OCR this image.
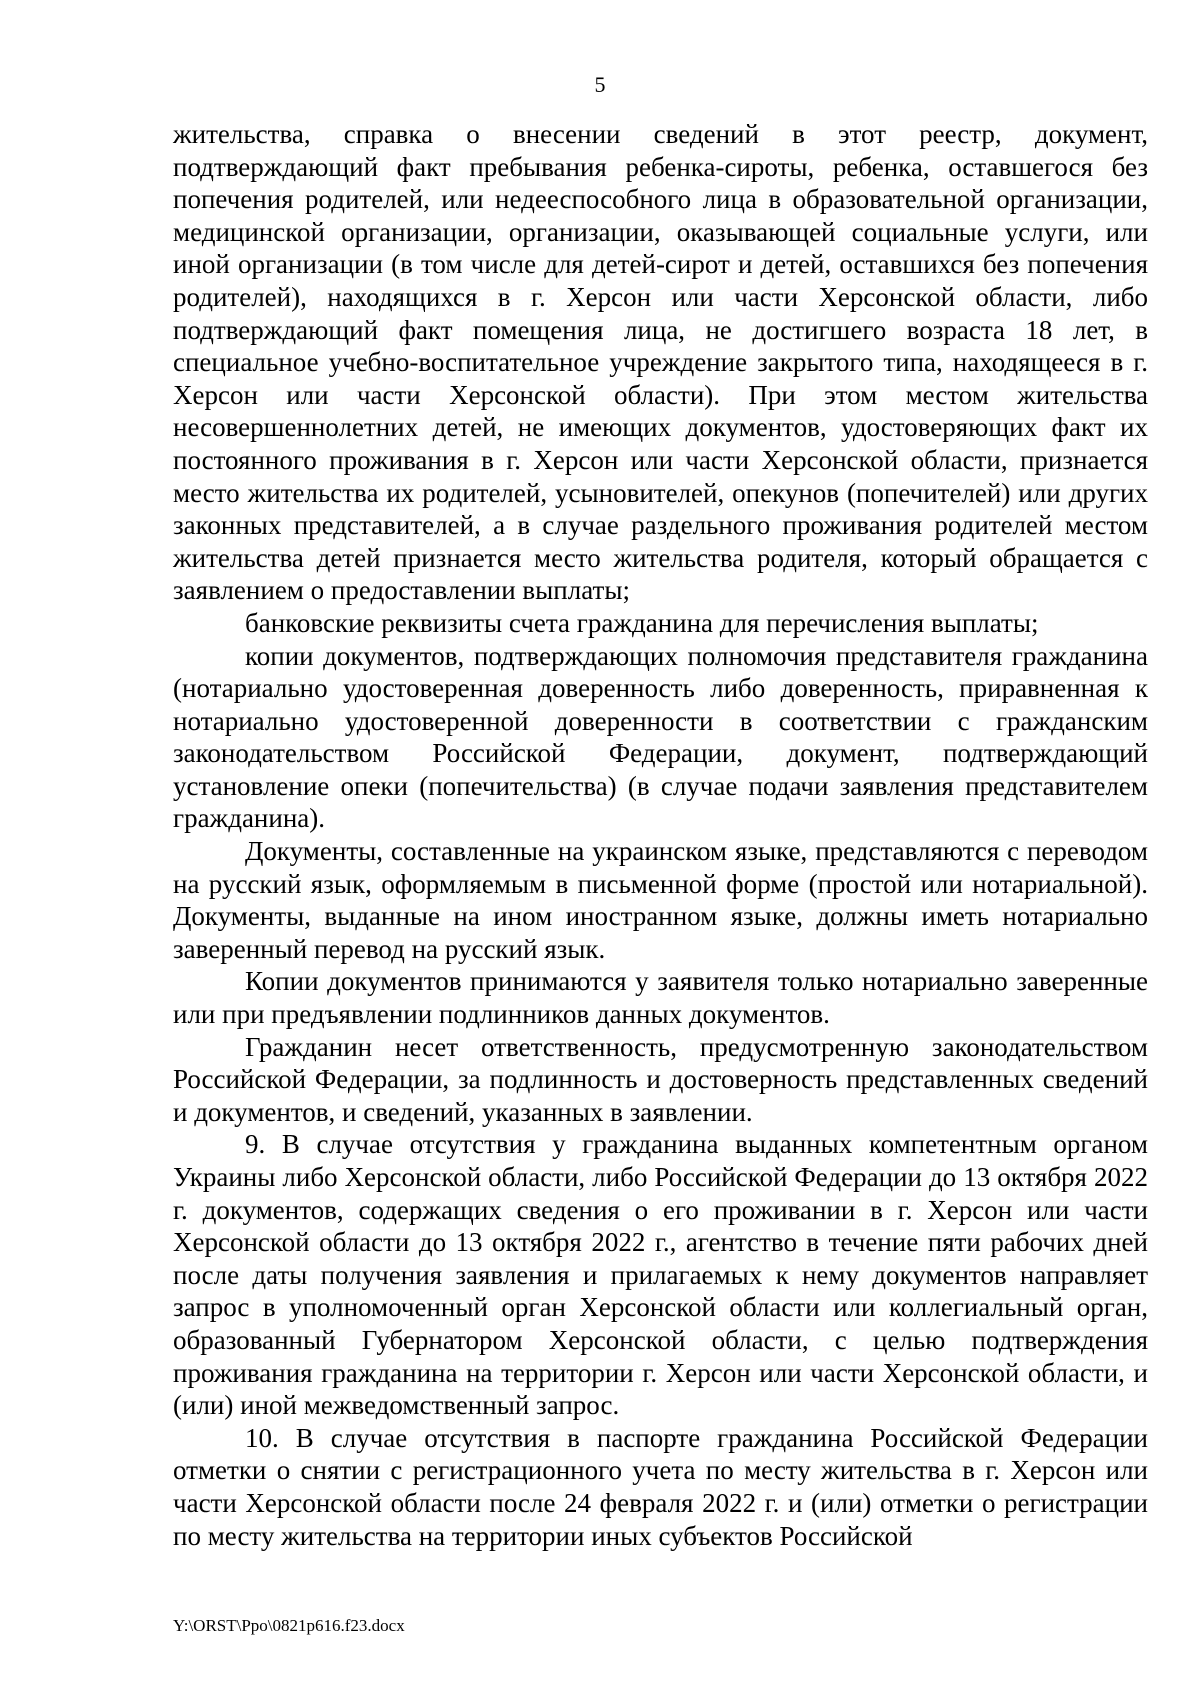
5

жительства, справка о внесении сведений в этот реестр, документ, подтверждающий факт пребывания ребенка-сироты, ребенка, оставшегося без попечения родителей, или недееспособного лица в образовательной организации, медицинской организации, организации, оказывающей социальные услуги, или иной организации (в том числе для детей-сирот и детей, оставшихся без попечения родителей), находящихся в г. Херсон или части Херсонской области, либо подтверждающий факт помещения лица, не достигшего возраста 18 лет, в специальное учебно-воспитательное учреждение закрытого типа, находящееся в г. Херсон или части Херсонской области). При этом местом жительства несовершеннолетних детей, не имеющих документов, удостоверяющих факт их постоянного проживания в г. Херсон или части Херсонской области, признается место жительства их родителей, усыновителей, опекунов (попечителей) или других законных представителей, а в случае раздельного проживания родителей местом жительства детей признается место жительства родителя, который обращается с заявлением о предоставлении выплаты;

банковские реквизиты счета гражданина для перечисления выплаты;

копии документов, подтверждающих полномочия представителя гражданина (нотариально удостоверенная доверенность либо доверенность, приравненная к нотариально удостоверенной доверенности в соответствии с гражданским законодательством Российской Федерации, документ, подтверждающий установление опеки (попечительства) (в случае подачи заявления представителем гражданина).

Документы, составленные на украинском языке, представляются с переводом на русский язык, оформляемым в письменной форме (простой или нотариальной). Документы, выданные на ином иностранном языке, должны иметь нотариально заверенный перевод на русский язык.

Копии документов принимаются у заявителя только нотариально заверенные или при предъявлении подлинников данных документов.

Гражданин несет ответственность, предусмотренную законодательством Российской Федерации, за подлинность и достоверность представленных сведений и документов, и сведений, указанных в заявлении.

9. В случае отсутствия у гражданина выданных компетентным органом Украины либо Херсонской области, либо Российской Федерации до 13 октября 2022 г. документов, содержащих сведения о его проживании в г. Херсон или части Херсонской области до 13 октября 2022 г., агентство в течение пяти рабочих дней после даты получения заявления и прилагаемых к нему документов направляет запрос в уполномоченный орган Херсонской области или коллегиальный орган, образованный Губернатором Херсонской области, с целью подтверждения проживания гражданина на территории г. Херсон или части Херсонской области, и (или) иной межведомственный запрос.

10. В случае отсутствия в паспорте гражданина Российской Федерации отметки о снятии с регистрационного учета по месту жительства в г. Херсон или части Херсонской области после 24 февраля 2022 г. и (или) отметки о регистрации по месту жительства на территории иных субъектов Российской

Y:\ORST\Ppo\0821p616.f23.docx
